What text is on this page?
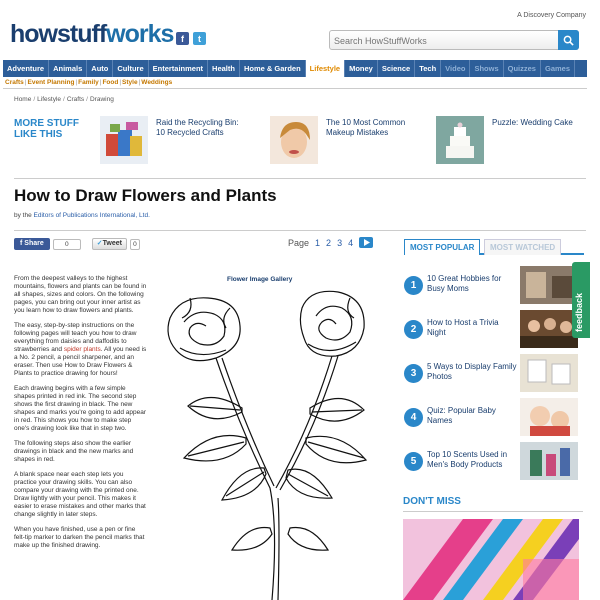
A Discovery Company
howstuffworks f	t
Search HowStuffWorks
Adventure	Animals	Auto	Culture	Entertainment	Health	Home & Garden	Lifestyle	Money	Science	Tech	Video	Shows	Quizzes	Games
Crafts|Event Planning|Family|Food|Style|Weddings
Home / Lifestyle / Crafts / Drawing
MORE STUFF LIKE THIS
Raid the Recycling Bin: 10 Recycled Crafts
The 10 Most Common Makeup Mistakes
Puzzle: Wedding Cake
How to Draw Flowers and Plants
by the Editors of Publications International, Ltd.
f Share	0	✓Tweet	0	Page 1 2 3 4

From the deepest valleys to the highest mountains, flowers and plants can be found in all shapes, sizes and colors. On the following pages, you can bring out your inner artist as you learn how to draw flowers and plants.

The easy, step-by-step instructions on the following pages will teach you how to draw everything from daisies and daffodils to strawberries and spider plants. All you need is a No. 2 pencil, a pencil sharpener, and an eraser. Then use How to Draw Flowers & Plants to practice drawing for hours!

Each drawing begins with a few simple shapes printed in red ink. The second step shows the first drawing in black. The new shapes and marks you're going to add appear in red. This shows you how to make step one's drawing look like that in step two.

The following steps also show the earlier drawings in black and the new marks and shapes in red.

A blank space near each step lets you practice your drawing skills. You can also compare your drawing with the printed one. Draw lightly with your pencil. This makes it easier to erase mistakes and other marks that change slightly in later steps.

When you have finished, use a pen or fine felt-tip marker to darken the pencil marks that make up the finished drawing.

Flower Image Gallery
MOST POPULAR	MOST WATCHED
1
10 Great Hobbies for Busy Moms
2
How to Host a Trivia Night
3
5 Ways to Display Family Photos
4
Quiz: Popular Baby Names
5
Top 10 Scents Used in Men's Body Products
DON'T MISS
feedback
